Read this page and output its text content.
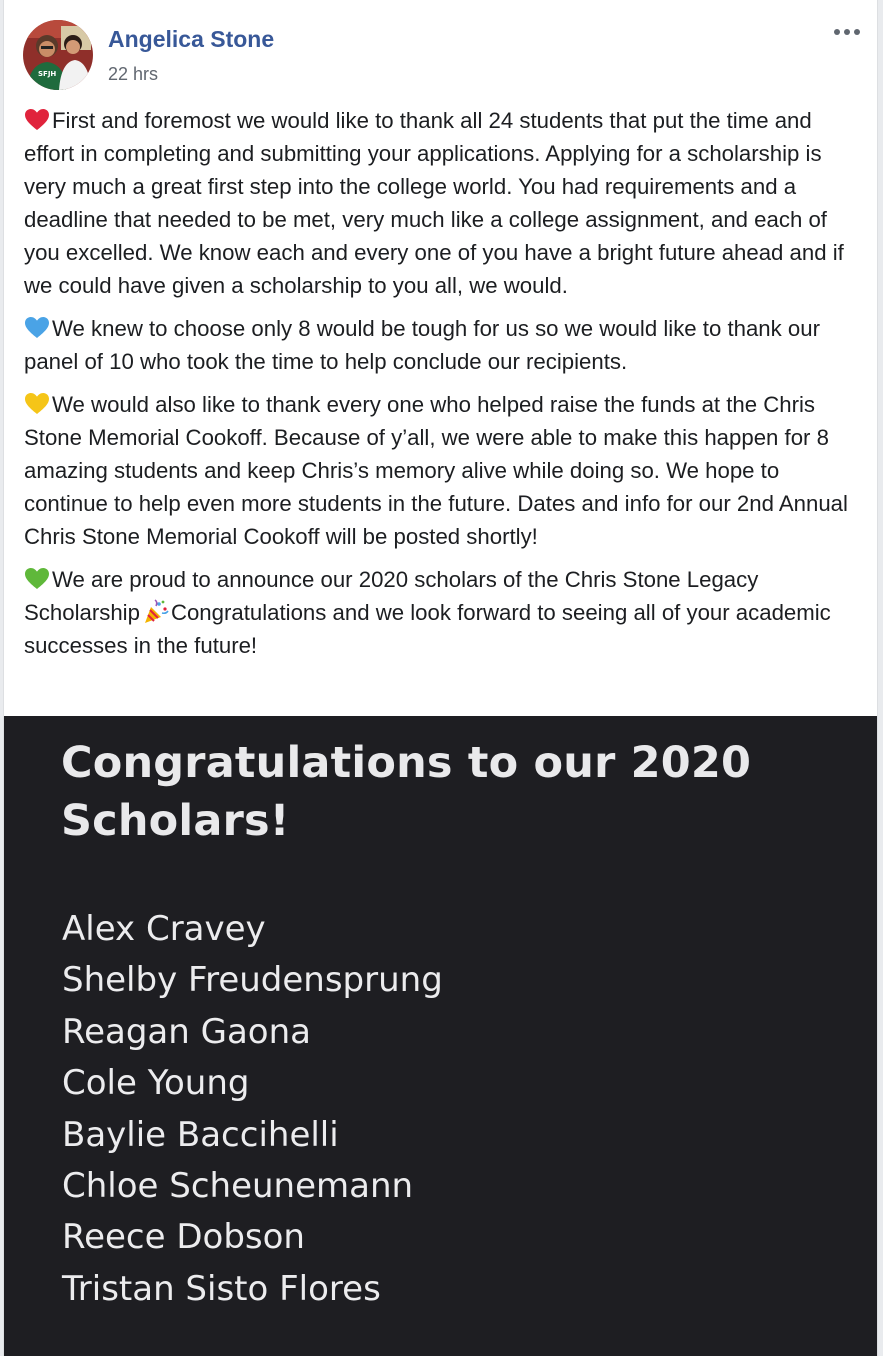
SFJH
Angelica Stone
22 hrs

First and foremost we would like to thank all 24 students that put the time and effort in completing and submitting your applications. Applying for a scholarship is very much a great first step into the college world. You had requirements and a deadline that needed to be met, very much like a college assignment, and each of you excelled. We know each and every one of you have a bright future ahead and if we could have given a scholarship to you all, we would.

We knew to choose only 8 would be tough for us so we would like to thank our panel of 10 who took the time to help conclude our recipients.

We would also like to thank every one who helped raise the funds at the Chris Stone Memorial Cookoff. Because of y’all, we were able to make this happen for 8 amazing students and keep Chris’s memory alive while doing so. We hope to continue to help even more students in the future. Dates and info for our 2nd Annual Chris Stone Memorial Cookoff will be posted shortly!

We are proud to announce our 2020 scholars of the Chris Stone Legacy Scholarship Congratulations and we look forward to seeing all of your academic successes in the future!

Congratulations to our 2020 Scholars!
Alex Cravey
Shelby Freudensprung
Reagan Gaona
Cole Young
Baylie Baccihelli
Chloe Scheunemann
Reece Dobson
Tristan Sisto Flores
